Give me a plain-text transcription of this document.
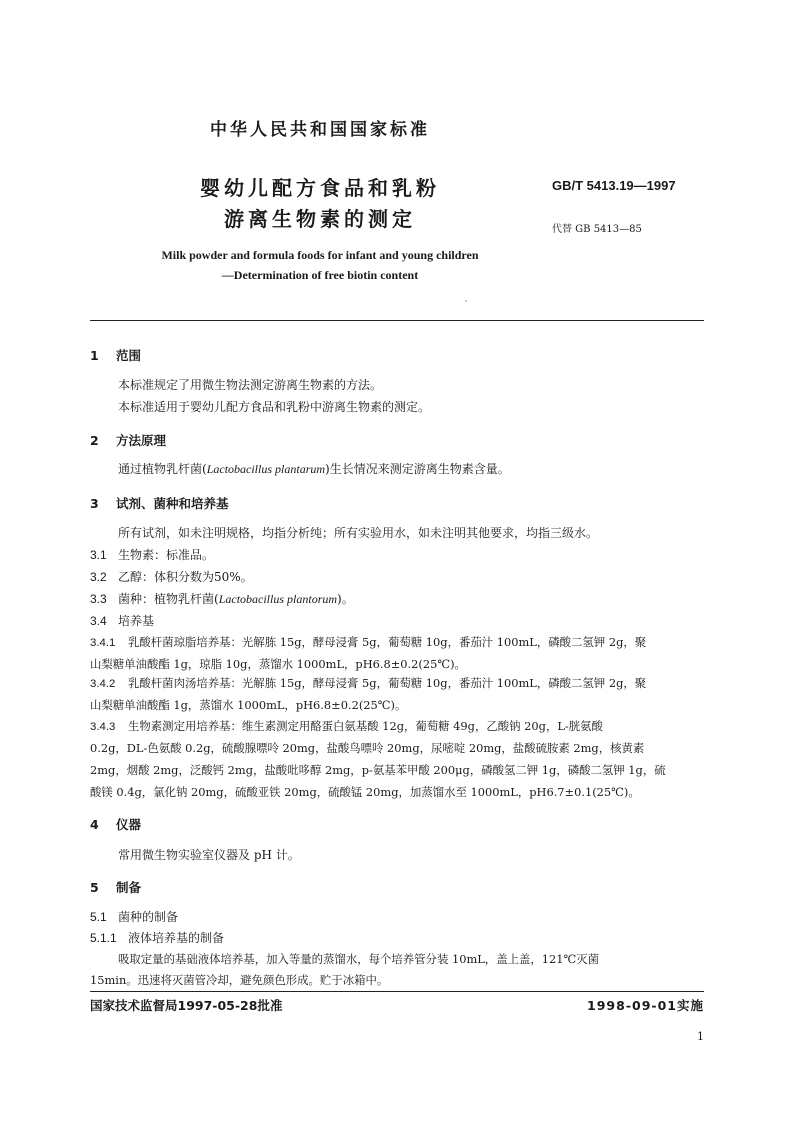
中华人民共和国国家标准
婴幼儿配方食品和乳粉
游离生物素的测定
GB/T 5413.19—1997
代替 GB 5413—85
Milk powder and formula foods for infant and young children
—Determination of free biotin content
1 范围
本标准规定了用微生物法测定游离生物素的方法。
本标准适用于婴幼儿配方食品和乳粉中游离生物素的测定。
2 方法原理
通过植物乳杆菌(Lactobacillus plantarum)生长情况来测定游离生物素含量。
3 试剂、菌种和培养基
所有试剂，如未注明规格，均指分析纯；所有实验用水，如未注明其他要求，均指三级水。
3.1 生物素：标准品。
3.2 乙醇：体积分数为50%。
3.3 菌种：植物乳杆菌(Lactobacillus plantorum)。
3.4 培养基
3.4.1 乳酸杆菌琼脂培养基：光解胨 15g，酵母浸膏 5g，葡萄糖 10g，番茄汁 100mL，磷酸二氢钾 2g，聚
山梨糖单油酸酯 1g，琼脂 10g，蒸馏水 1000mL，pH6.8±0.2(25℃)。
3.4.2 乳酸杆菌肉汤培养基：光解胨 15g，酵母浸膏 5g，葡萄糖 10g，番茄汁 100mL，磷酸二氢钾 2g，聚
山梨糖单油酸酯 1g，蒸馏水 1000mL，pH6.8±0.2(25℃)。
3.4.3 生物素测定用培养基：维生素测定用酪蛋白氨基酸 12g，葡萄糖 49g，乙酸钠 20g，L-胱氨酸
0.2g，DL-色氨酸 0.2g，硫酸腺嘌呤 20mg，盐酸鸟嘌呤 20mg，尿嘧啶 20mg，盐酸硫胺素 2mg，核黄素
2mg，烟酸 2mg，泛酸钙 2mg，盐酸吡哆醇 2mg，p-氨基苯甲酸 200μg，磷酸氢二钾 1g，磷酸二氢钾 1g，硫
酸镁 0.4g，氯化钠 20mg，硫酸亚铁 20mg，硫酸锰 20mg，加蒸馏水至 1000mL，pH6.7±0.1(25℃)。
4 仪器
常用微生物实验室仪器及 pH 计。
5 制备
5.1 菌种的制备
5.1.1 液体培养基的制备
吸取定量的基础液体培养基，加入等量的蒸馏水，每个培养管分装 10mL，盖上盖，121℃灭菌
15min。迅速将灭菌管冷却，避免颜色形成。贮于冰箱中。
国家技术监督局1997-05-28批准	1998-09-01实施
1
